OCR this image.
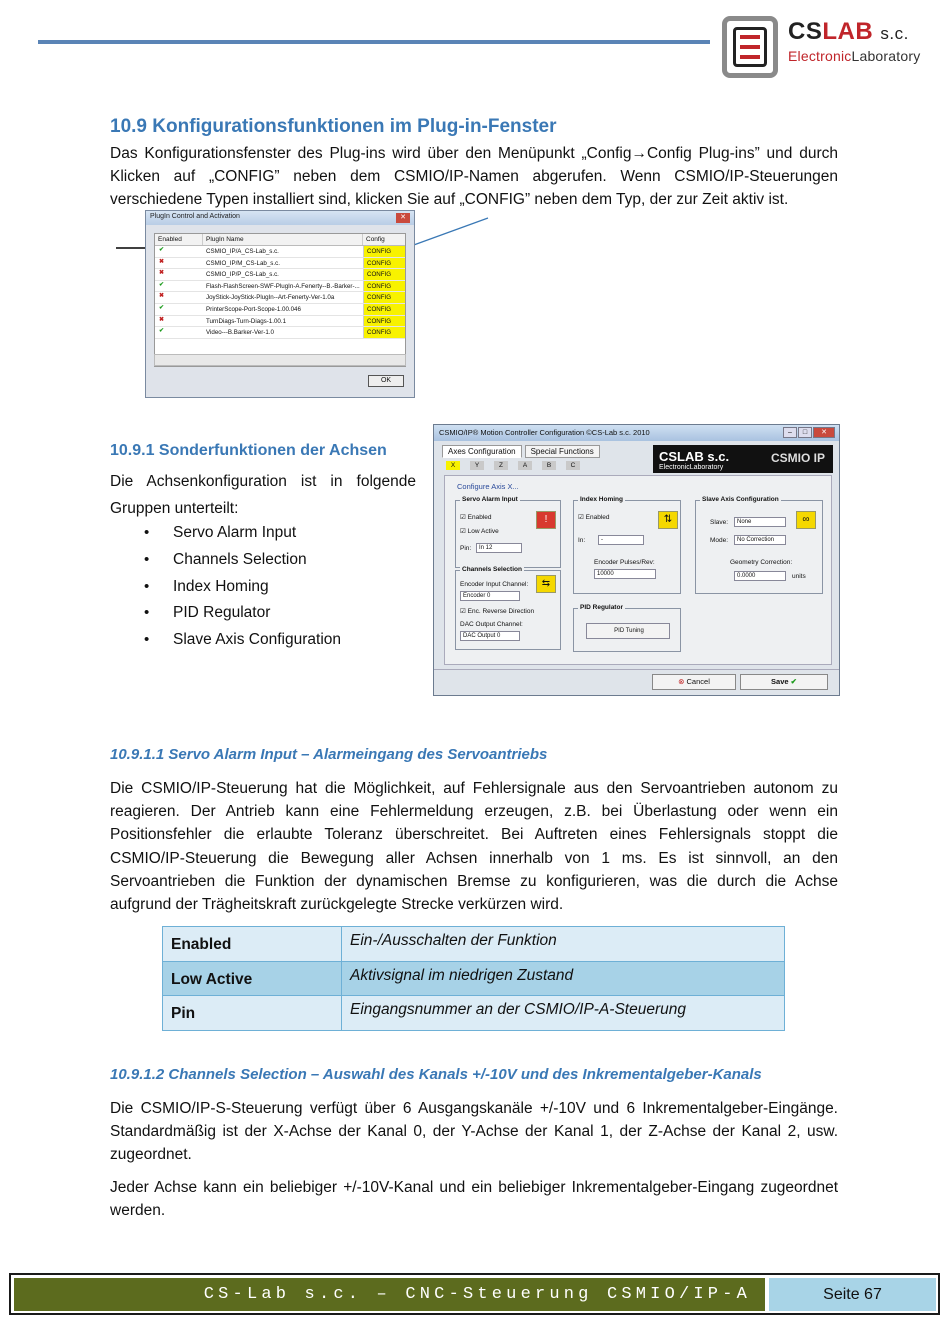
CSLAB s.c.
ElectronicLaboratory
10.9 Konfigurationsfunktionen im Plug-in-Fenster
Das Konfigurationsfenster des Plug-ins wird über den Menüpunkt „Config→Config Plug-ins” und durch Klicken auf „CONFIG” neben dem CSMIO/IP-Namen abgerufen. Wenn CSMIO/IP-Steuerungen verschiedene Typen installiert sind, klicken Sie auf „CONFIG” neben dem Typ, der zur Zeit aktiv ist.
PlugIn Control and Activation	✕
Enabled	PlugIn Name	Config
✔	CSMIO_IP/A_CS-Lab_s.c.	CONFIG
✖	CSMIO_IP/M_CS-Lab_s.c.	CONFIG
✖	CSMIO_IP/P_CS-Lab_s.c.	CONFIG
✔	Flash-FlashScreen-SWF-PlugIn-A.Fenerty--B.-Barker-...	CONFIG
✖	JoyStick-JoyStick-PlugIn--Art-Fenerty-Ver-1.0a	CONFIG
✔	PrinterScope-Port-Scope-1.00.046	CONFIG
✖	TurnDiags-Turn-Diags-1.00.1	CONFIG
✔	Video---B.Barker-Ver-1.0	CONFIG
OK
10.9.1 Sonderfunktionen der Achsen
Die Achsenkonfiguration ist in folgende Gruppen unterteilt:
• Servo Alarm Input
• Channels Selection
• Index Homing
• PID Regulator
• Slave Axis Configuration
CSMIO/IP® Motion Controller Configuration ©CS-Lab s.c. 2010	–	□	✕
Axes Configuration	Special Functions	CSLAB s.c.
ElectronicLaboratory
CSMIO IP
X	Y	Z	A	B	C
Configure Axis X...
Servo Alarm Input
☑ Enabled
☑ Low Active
Pin:	In 12
!
Index Homing
☑ Enabled
In:	-
Encoder Pulses/Rev:
10000
⇅
Slave Axis Configuration
Slave:	None
Mode:	No Correction
Geometry Correction:
0.0000	units
∞
Channels Selection
Encoder Input Channel:
Encoder 0
☑ Enc. Reverse Direction
DAC Output Channel:
DAC Output 0
⇆
PID Regulator
PID Tuning
⊗ Cancel	Save ✔
10.9.1.1 Servo Alarm Input – Alarmeingang des Servoantriebs
Die CSMIO/IP-Steuerung hat die Möglichkeit, auf Fehlersignale aus den Servoantrieben autonom zu reagieren. Der Antrieb kann eine Fehlermeldung erzeugen, z.B. bei Überlastung oder wenn ein Positionsfehler die erlaubte Toleranz überschreitet. Bei Auftreten eines Fehlersignals stoppt die CSMIO/IP-Steuerung die Bewegung aller Achsen innerhalb von 1 ms. Es ist sinnvoll, an den Servoantrieben die Funktion der dynamischen Bremse zu konfigurieren, was die durch die Achse aufgrund der Trägheitskraft zurückgelegte Strecke verkürzen wird.
Enabled	Ein-/Ausschalten der Funktion
Low Active	Aktivsignal im niedrigen Zustand
Pin	Eingangsnummer an der CSMIO/IP-A-Steuerung
10.9.1.2 Channels Selection – Auswahl des Kanals +/-10V und des Inkrementalgeber-Kanals
Die CSMIO/IP-S-Steuerung verfügt über 6 Ausgangskanäle +/-10V und 6 Inkrementalgeber-Eingänge. Standardmäßig ist der X-Achse der Kanal 0, der Y-Achse der Kanal 1, der Z-Achse der Kanal 2, usw. zugeordnet.
Jeder Achse kann ein beliebiger +/-10V-Kanal und ein beliebiger Inkrementalgeber-Eingang zugeordnet werden.
CS-Lab s.c. – CNC-Steuerung CSMIO/IP-A	Seite 67
